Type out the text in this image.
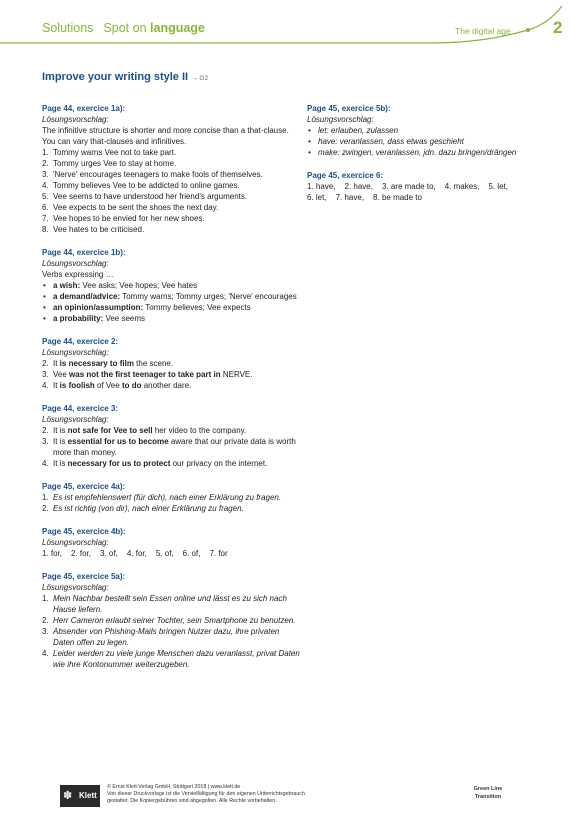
Solutions Spot on language	The digital age 2
Improve your writing style II → G2
Page 44, exercice 1a):
Lösungsvorschlag:
The infinitive structure is shorter and more concise than a that-clause.
You can vary that-clauses and infinitives.
1. Tommy warns Vee not to take part.
2. Tommy urges Vee to stay at home.
3. 'Nerve' encourages teenagers to make fools of themselves.
4. Tommy believes Vee to be addicted to online games.
5. Vee seems to have understood her friend's arguments.
6. Vee expects to be sent the shoes the next day.
7. Vee hopes to be envied for her new shoes.
8. Vee hates to be criticised.
Page 44, exercice 1b):
Lösungsvorschlag:
Verbs expressing …
• a wish: Vee asks; Vee hopes; Vee hates
• a demand/advice: Tommy warns; Tommy urges; 'Nerve' encourages
• an opinion/assumption: Tommy believes; Vee expects
• a probability: Vee seems
Page 44, exercice 2:
Lösungsvorschlag:
2. It is necessary to film the scene.
3. Vee was not the first teenager to take part in NERVE.
4. It is foolish of Vee to do another dare.
Page 44, exercice 3:
Lösungsvorschlag:
2. It is not safe for Vee to sell her video to the company.
3. It is essential for us to become aware that our private data is worth more than money.
4. It is necessary for us to protect our privacy on the internet.
Page 45, exercice 4a):
1. Es ist empfehlenswert (für dich), nach einer Erklärung zu fragen.
2. Es ist richtig (von dir), nach einer Erklärung zu fragen.
Page 45, exercice 4b):
Lösungsvorschlag:
1. for, 2. for, 3. of, 4. for, 5. of, 6. of, 7. for
Page 45, exercice 5a):
Lösungsvorschlag:
1. Mein Nachbar bestellt sein Essen online und lässt es zu sich nach Hause liefern.
2. Herr Cameron erlaubt seiner Tochter, sein Smartphone zu benutzen.
3. Absender von Phishing-Mails bringen Nutzer dazu, ihre privaten Daten offen zu legen.
4. Leider werden zu viele junge Menschen dazu veranlasst, privat Daten wie ihre Kontonummer weiterzugeben.
Page 45, exercice 5b):
Lösungsvorschlag:
• let: erlauben, zulassen
• have: veranlassen, dass etwas geschieht
• make: zwingen, veranlassen, jdn. dazu bringen/drängen
Page 45, exercice 6:
1. have, 2. have, 3. are made to, 4. makes, 5. let,
6. let, 7. have, 8. be made to
✽ Klett
© Ernst Klett Verlag GmbH, Stuttgart 2018 | www.klett.de
Von dieser Druckvorlage ist die Vervielfältigung für den eigenen Unterrichtsgebrauch
gestattet. Die Kopiergebühren sind abgegolten. Alle Rechte vorbehalten.
Green Line
Transition
